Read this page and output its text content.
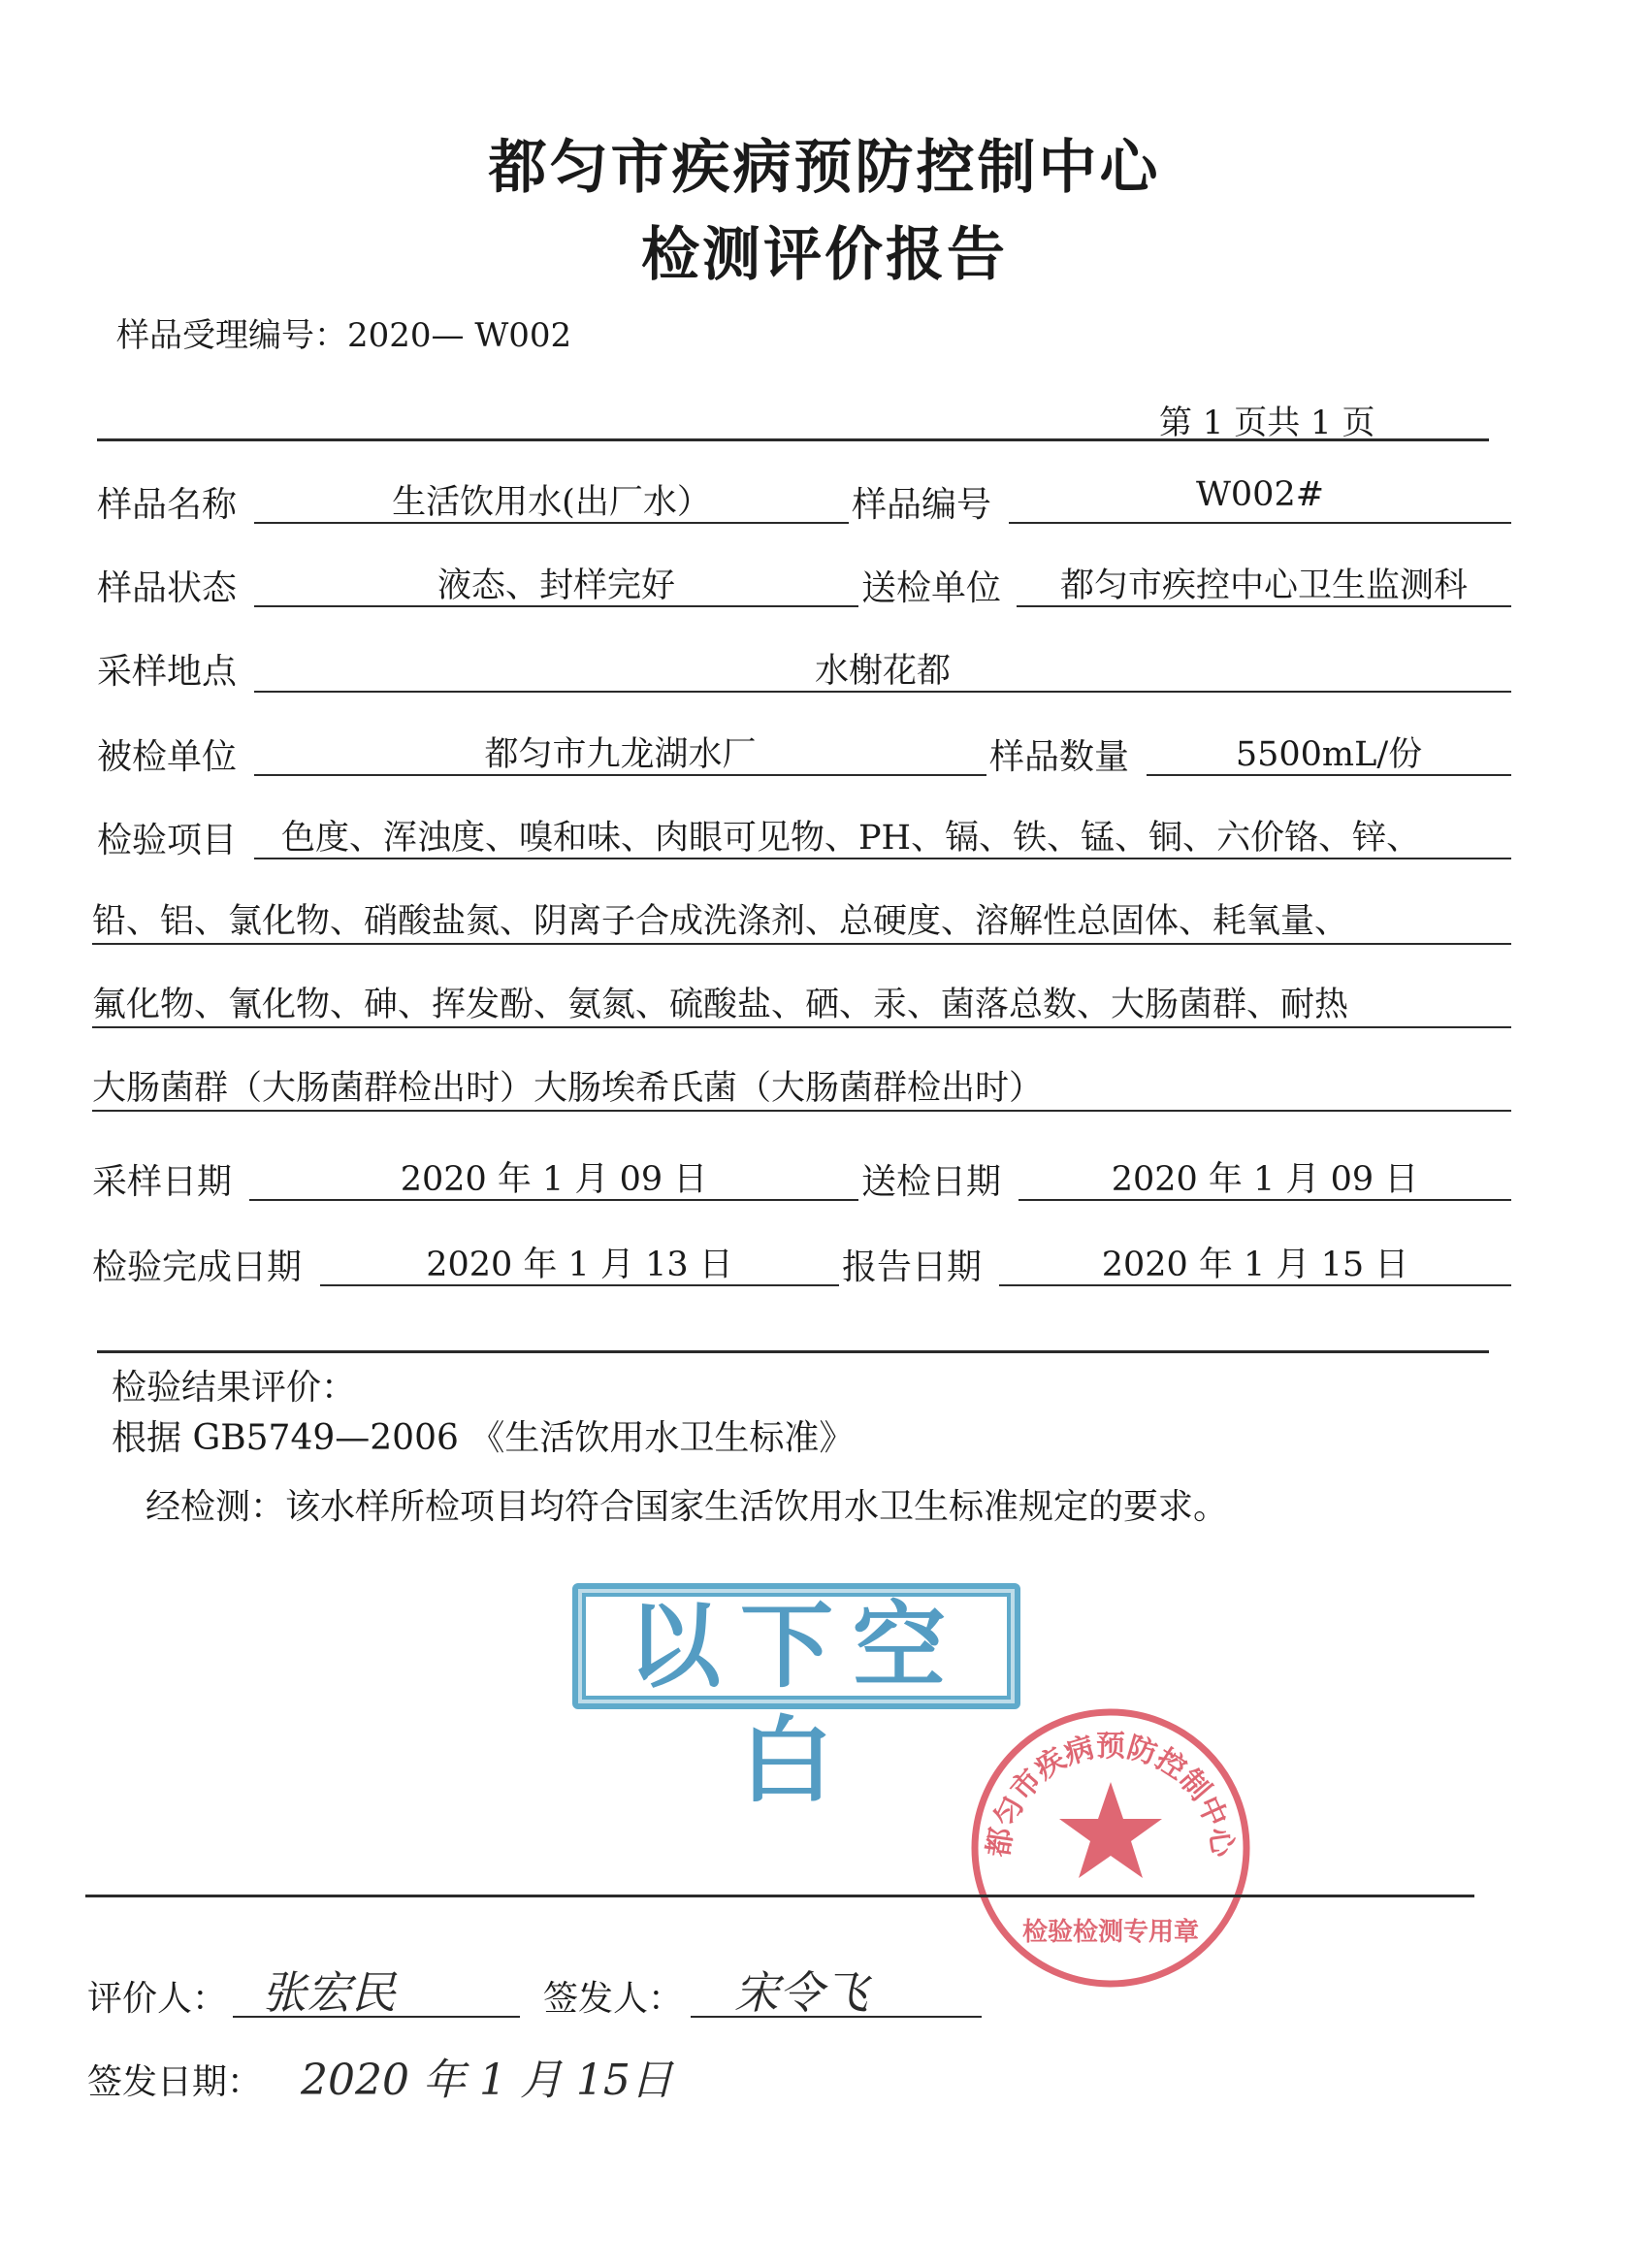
都匀市疾病预防控制中心
检测评价报告
样品受理编号：2020— W002
第 1 页共 1 页
样品名称	生活饮用水(出厂水）	样品编号	W002#
样品状态	液态、封样完好	送检单位	都匀市疾控中心卫生监测科
采样地点	水榭花都
被检单位	都匀市九龙湖水厂	样品数量	5500mL/份
检验项目	色度、浑浊度、嗅和味、肉眼可见物、PH、镉、铁、锰、铜、六价铬、锌、
铅、铝、氯化物、硝酸盐氮、阴离子合成洗涤剂、总硬度、溶解性总固体、耗氧量、
氟化物、氰化物、砷、挥发酚、氨氮、硫酸盐、硒、汞、菌落总数、大肠菌群、耐热
大肠菌群（大肠菌群检出时）大肠埃希氏菌（大肠菌群检出时）
采样日期	2020 年 1 月 09 日	送检日期	2020 年 1 月 09 日
检验完成日期	2020 年 1 月 13 日	报告日期	2020 年 1 月 15 日
检验结果评价：
根据 GB5749—2006 《生活饮用水卫生标准》
经检测：该水样所检项目均符合国家生活饮用水卫生标准规定的要求。
以下空白
都匀市疾病预防控制中心
检验检测专用章
评价人： 张宏民	签发人：	宋令飞
签发日期： 2020 年 1 月 15日
